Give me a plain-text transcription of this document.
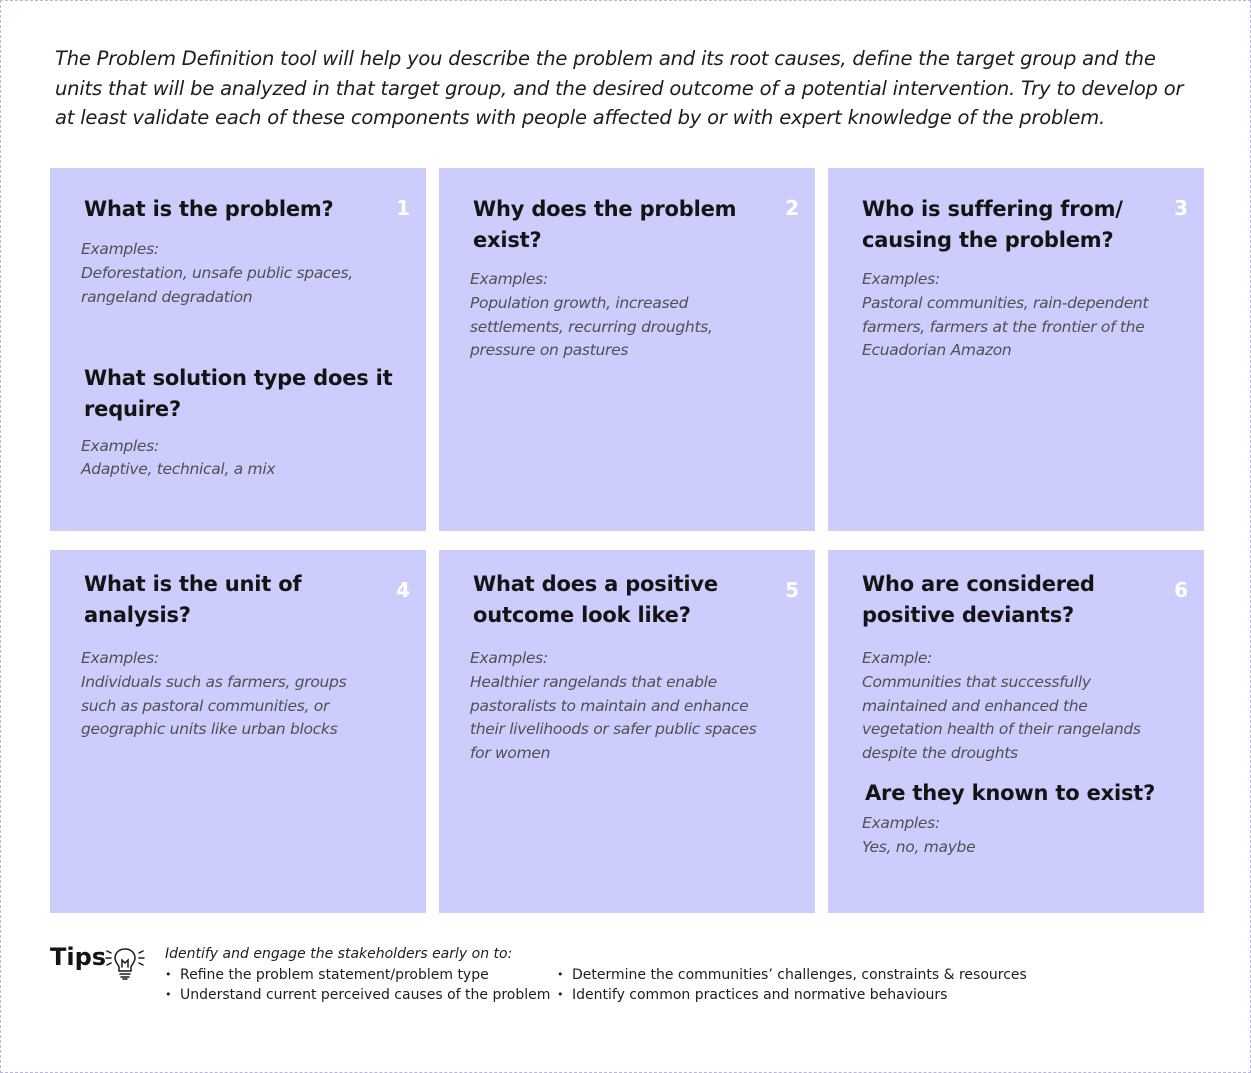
The Problem Definition tool will help you describe the problem and its root causes, define the target group and the units that will be analyzed in that target group, and the desired outcome of a potential intervention. Try to develop or at least validate each of these components with people affected by or with expert knowledge of the problem.

1
What is the problem?
Examples:
Deforestation, unsafe public spaces, rangeland degradation
What solution type does it require?
Examples:
Adaptive, technical, a mix
2
Why does the problem exist?
Examples:
Population growth, increased settlements, recurring droughts, pressure on pastures
3
Who is suffering from/ causing the problem?
Examples:
Pastoral communities, rain-dependent farmers, farmers at the frontier of the Ecuadorian Amazon
4
What is the unit of analysis?
Examples:
Individuals such as farmers, groups such as pastoral communities, or geographic units like urban blocks
5
What does a positive outcome look like?
Examples:
Healthier rangelands that enable pastoralists to maintain and enhance their livelihoods or safer public spaces for women
6
Who are considered positive deviants?
Example:
Communities that successfully maintained and enhanced the vegetation health of their rangelands despite the droughts
Are they known to exist?
Examples:
Yes, no, maybe
Tips	Identify and engage the stakeholders early on to:
• Refine the problem statement/problem type
• Understand current perceived causes of the problem
• Determine the communities’ challenges, constraints & resources
• Identify common practices and normative behaviours
